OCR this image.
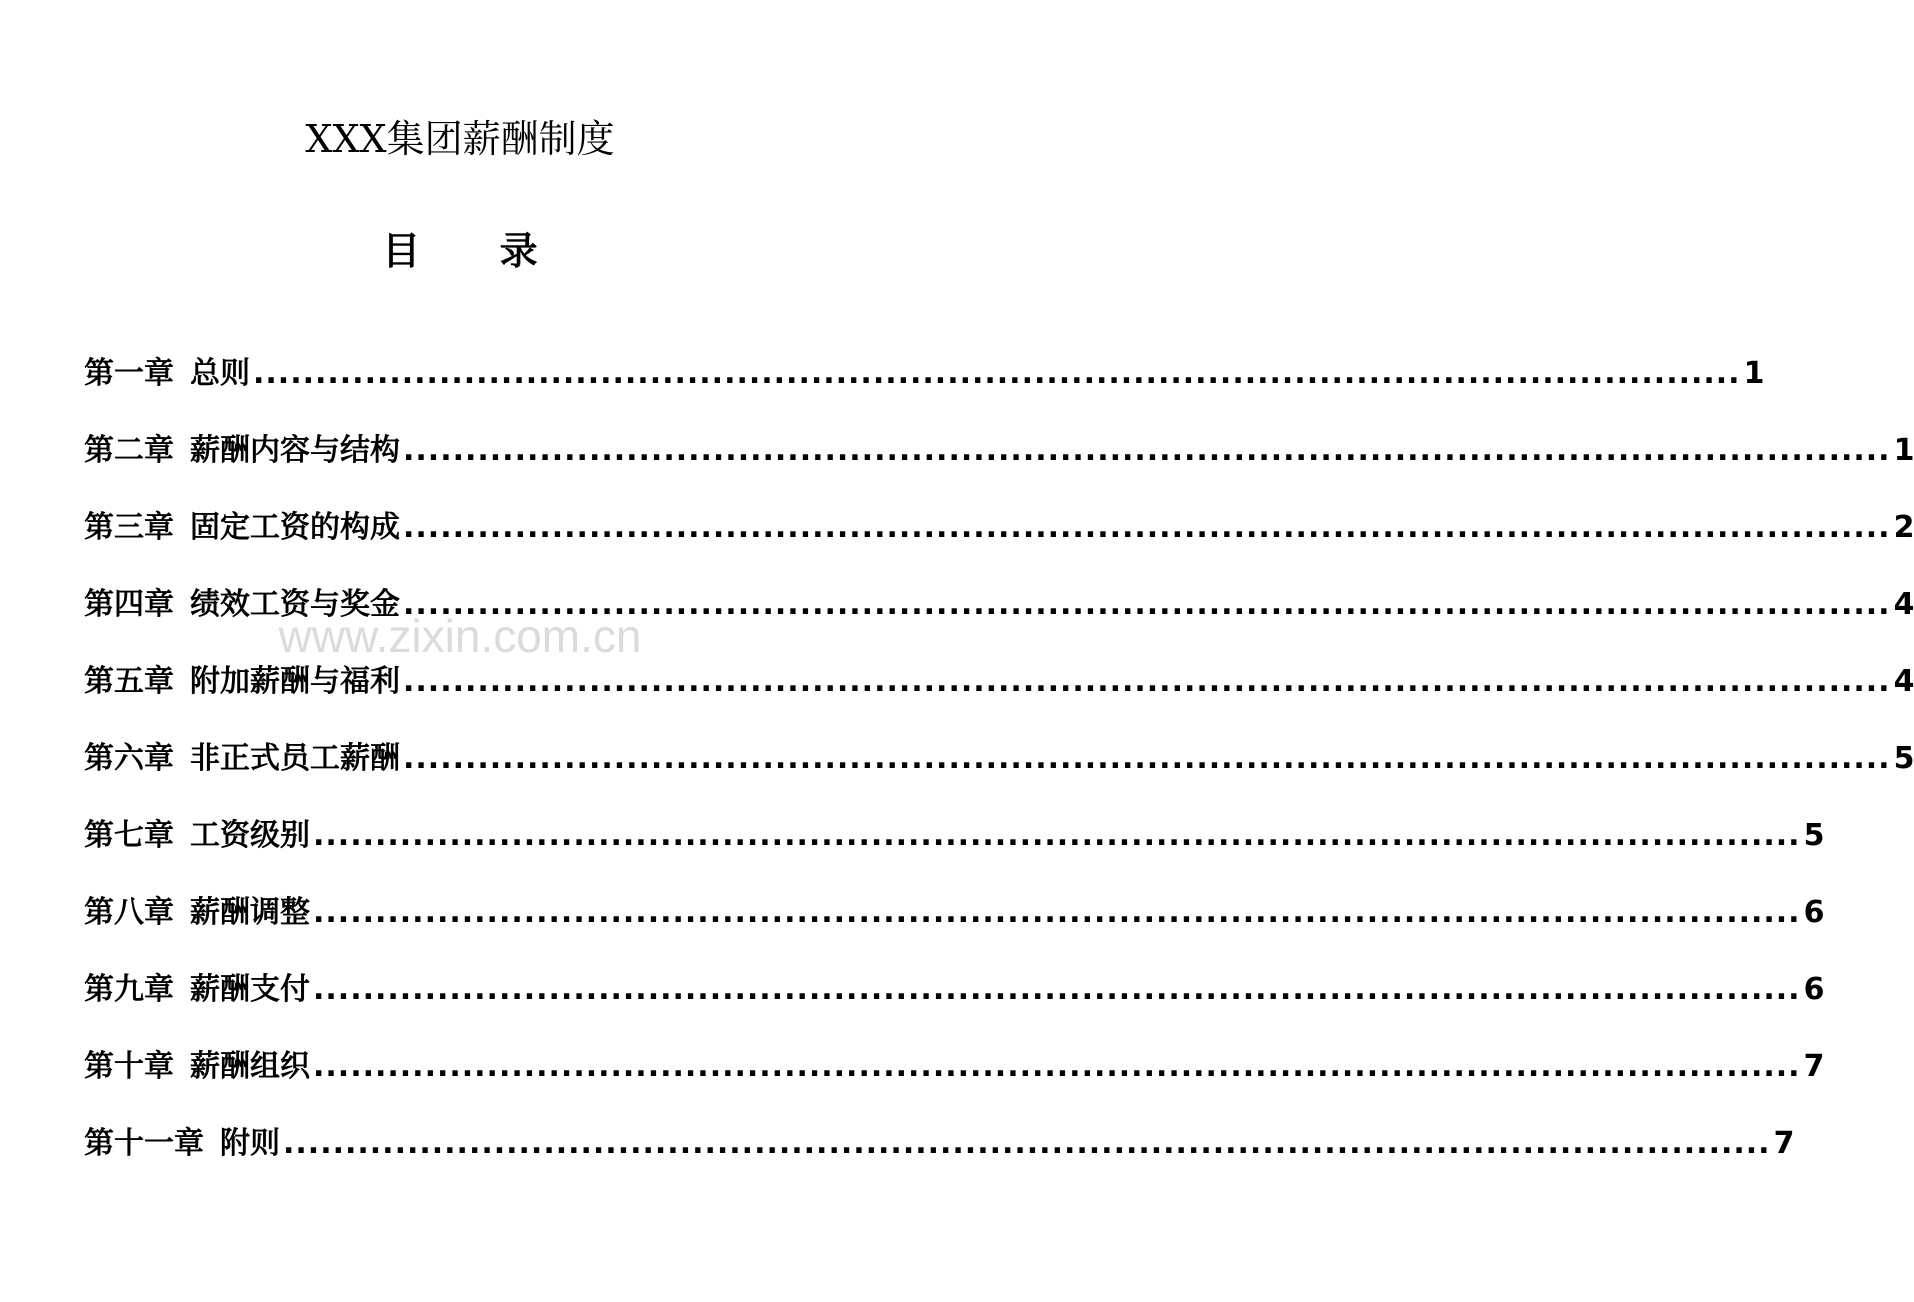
XXX集团薪酬制度
目      录
第一章 总则 ........................................................................................................................ 1
第二章 薪酬内容与结构 ........................................................................................................................ 1
第三章 固定工资的构成 ........................................................................................................................ 2
第四章 绩效工资与奖金 ........................................................................................................................ 4
第五章 附加薪酬与福利 ........................................................................................................................ 4
第六章 非正式员工薪酬 ........................................................................................................................ 5
第七章 工资级别 ........................................................................................................................ 5
第八章 薪酬调整 ........................................................................................................................ 6
第九章 薪酬支付 ........................................................................................................................ 6
第十章 薪酬组织 ........................................................................................................................ 7
第十一章 附则 ........................................................................................................................ 7
www.zixin.com.cn
